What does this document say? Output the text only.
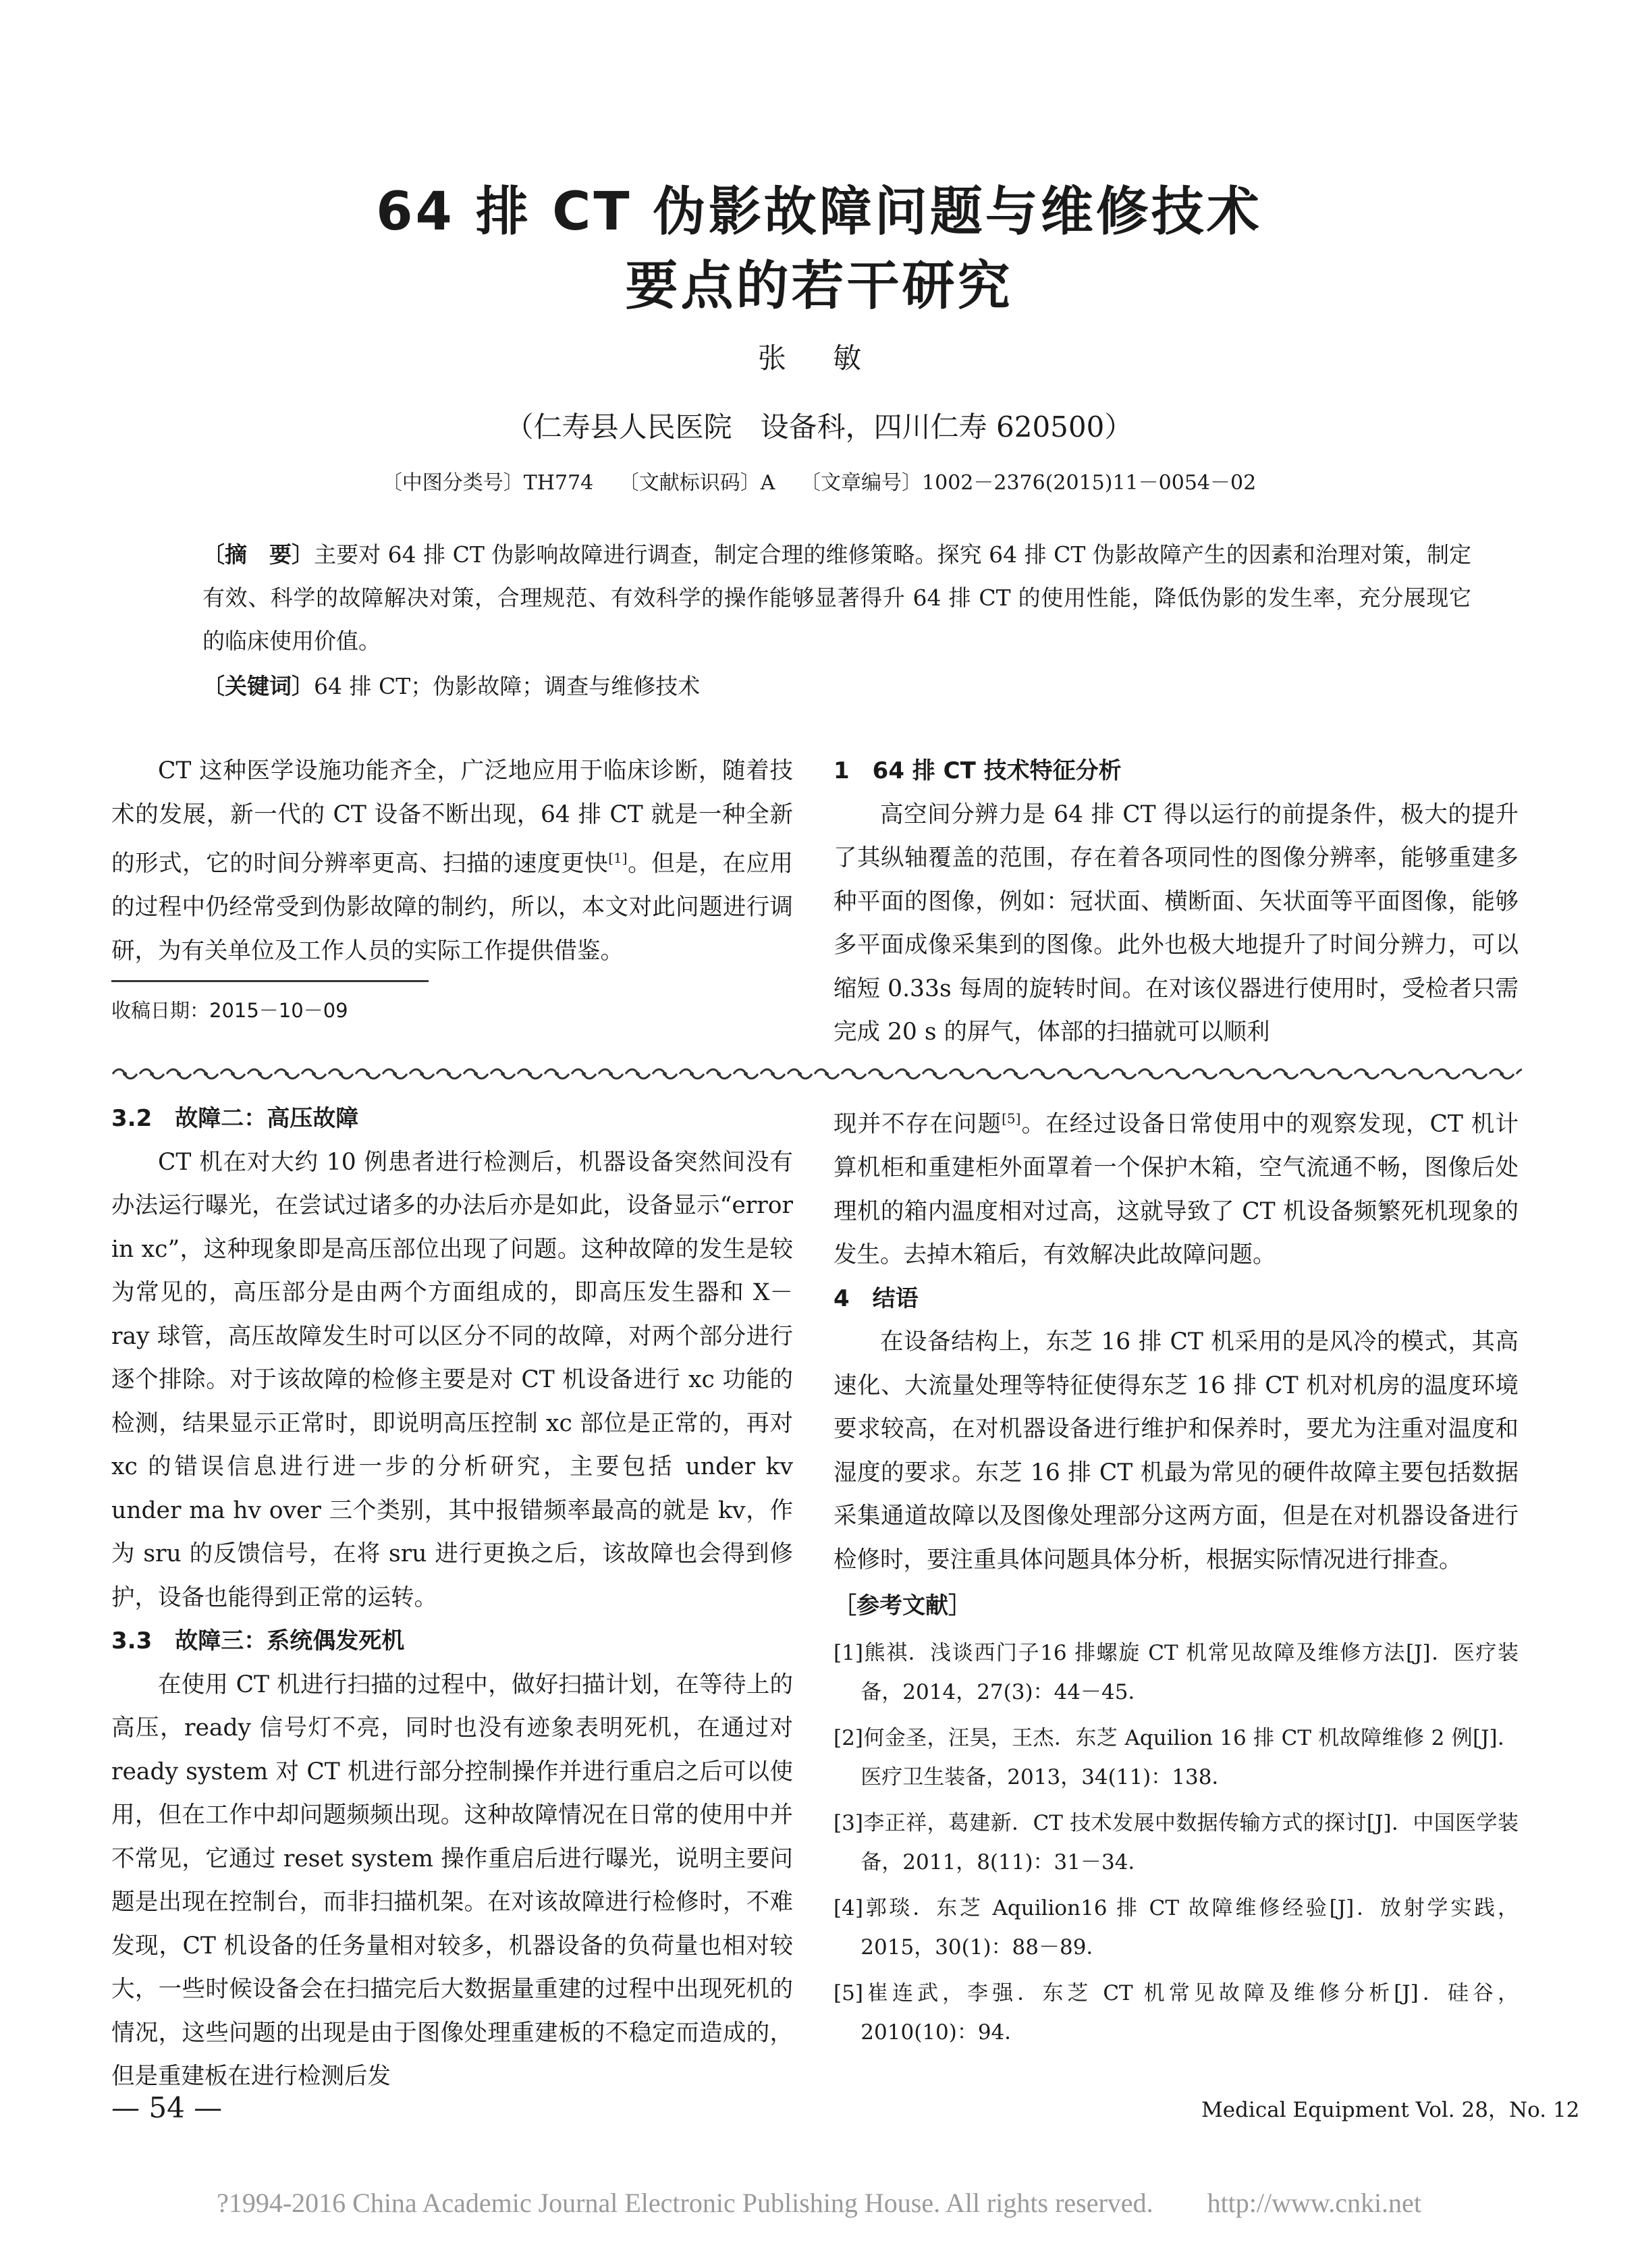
64 排 CT 伪影故障问题与维修技术
要点的若干研究
张 敏
（仁寿县人民医院　设备科，四川仁寿 620500）
〔中图分类号〕TH774 〔文献标识码〕A 〔文章编号〕1002－2376(2015)11－0054－02
〔摘　要〕主要对 64 排 CT 伪影响故障进行调查，制定合理的维修策略。探究 64 排 CT 伪影故障产生的因素和治理对策，制定有效、科学的故障解决对策，合理规范、有效科学的操作能够显著得升 64 排 CT 的使用性能，降低伪影的发生率，充分展现它的临床使用价值。
〔关键词〕64 排 CT；伪影故障；调查与维修技术

CT 这种医学设施功能齐全，广泛地应用于临床诊断，随着技术的发展，新一代的 CT 设备不断出现，64 排 CT 就是一种全新的形式，它的时间分辨率更高、扫描的速度更快[1]。但是，在应用的过程中仍经常受到伪影故障的制约，所以，本文对此问题进行调研，为有关单位及工作人员的实际工作提供借鉴。

收稿日期：2015－10－09

1　64 排 CT 技术特征分析

高空间分辨力是 64 排 CT 得以运行的前提条件，极大的提升了其纵轴覆盖的范围，存在着各项同性的图像分辨率，能够重建多种平面的图像，例如：冠状面、横断面、矢状面等平面图像，能够多平面成像采集到的图像。此外也极大地提升了时间分辨力，可以缩短 0.33s 每周的旋转时间。在对该仪器进行使用时，受检者只需完成 20 s 的屏气，体部的扫描就可以顺利

3.2　故障二：高压故障

CT 机在对大约 10 例患者进行检测后，机器设备突然间没有办法运行曝光，在尝试过诸多的办法后亦是如此，设备显示“error in xc”，这种现象即是高压部位出现了问题。这种故障的发生是较为常见的，高压部分是由两个方面组成的，即高压发生器和 X－ray 球管，高压故障发生时可以区分不同的故障，对两个部分进行逐个排除。对于该故障的检修主要是对 CT 机设备进行 xc 功能的检测，结果显示正常时，即说明高压控制 xc 部位是正常的，再对 xc 的错误信息进行进一步的分析研究，主要包括 under kv under ma hv over 三个类别，其中报错频率最高的就是 kv，作为 sru 的反馈信号，在将 sru 进行更换之后，该故障也会得到修护，设备也能得到正常的运转。

3.3　故障三：系统偶发死机

在使用 CT 机进行扫描的过程中，做好扫描计划，在等待上的高压，ready 信号灯不亮，同时也没有迹象表明死机，在通过对 ready system 对 CT 机进行部分控制操作并进行重启之后可以使用，但在工作中却问题频频出现。这种故障情况在日常的使用中并不常见，它通过 reset system 操作重启后进行曝光，说明主要问题是出现在控制台，而非扫描机架。在对该故障进行检修时，不难发现，CT 机设备的任务量相对较多，机器设备的负荷量也相对较大，一些时候设备会在扫描完后大数据量重建的过程中出现死机的情况，这些问题的出现是由于图像处理重建板的不稳定而造成的，但是重建板在进行检测后发

现并不存在问题[5]。在经过设备日常使用中的观察发现，CT 机计算机柜和重建柜外面罩着一个保护木箱，空气流通不畅，图像后处理机的箱内温度相对过高，这就导致了 CT 机设备频繁死机现象的发生。去掉木箱后，有效解决此故障问题。

4　结语

在设备结构上，东芝 16 排 CT 机采用的是风冷的模式，其高速化、大流量处理等特征使得东芝 16 排 CT 机对机房的温度环境要求较高，在对机器设备进行维护和保养时，要尤为注重对温度和湿度的要求。东芝 16 排 CT 机最为常见的硬件故障主要包括数据采集通道故障以及图像处理部分这两方面，但是在对机器设备进行检修时，要注重具体问题具体分析，根据实际情况进行排查。

［参考文献］

[1]熊祺．浅谈西门子16 排螺旋 CT 机常见故障及维修方法[J]．医疗装备，2014，27(3)：44－45．

[2]何金圣，汪昊，王杰．东芝 Aquilion 16 排 CT 机故障维修 2 例[J]．医疗卫生装备，2013，34(11)：138．

[3]李正祥，葛建新．CT 技术发展中数据传输方式的探讨[J]．中国医学装备，2011，8(11)：31－34．

[4]郭琰．东芝 Aquilion16 排 CT 故障维修经验[J]．放射学实践，2015，30(1)：88－89．

[5]崔连武，李强．东芝 CT 机常见故障及维修分析[J]．硅谷，2010(10)：94．

— 54 —	Medical Equipment Vol. 28，No. 12
?1994-2016 China Academic Journal Electronic Publishing House. All rights reserved.　　http://www.cnki.net
